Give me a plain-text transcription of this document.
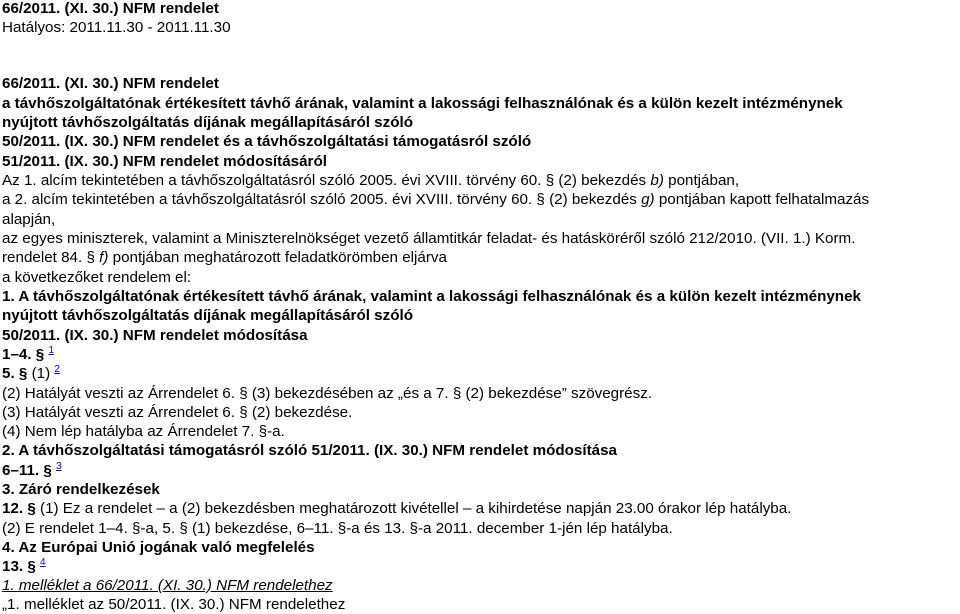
66/2011. (XI. 30.) NFM rendelet
Hatályos: 2011.11.30 - 2011.11.30
66/2011. (XI. 30.) NFM rendelet
a távhőszolgáltatónak értékesített távhő árának, valamint a lakossági felhasználónak és a külön kezelt intézménynek
nyújtott távhőszolgáltatás díjának megállapításáról szóló
50/2011. (IX. 30.) NFM rendelet és a távhőszolgáltatási támogatásról szóló
51/2011. (IX. 30.) NFM rendelet módosításáról
Az 1. alcím tekintetében a távhőszolgáltatásról szóló 2005. évi XVIII. törvény 60. § (2) bekezdés b) pontjában,
a 2. alcím tekintetében a távhőszolgáltatásról szóló 2005. évi XVIII. törvény 60. § (2) bekezdés g) pontjában kapott felhatalmazás
alapján,
az egyes miniszterek, valamint a Miniszterelnökséget vezető államtitkár feladat- és hatásköréről szóló 212/2010. (VII. 1.) Korm.
rendelet 84. § f) pontjában meghatározott feladatkörömben eljárva
a következőket rendelem el:
1. A távhőszolgáltatónak értékesített távhő árának, valamint a lakossági felhasználónak és a külön kezelt intézménynek
nyújtott távhőszolgáltatás díjának megállapításáról szóló
50/2011. (IX. 30.) NFM rendelet módosítása
1–4. § $^1$
5. § (1) $^2$
(2) Hatályát veszti az Árrendelet 6. § (3) bekezdésében az „és a 7. § (2) bekezdése” szövegrész.
(3) Hatályát veszti az Árrendelet 6. § (2) bekezdése.
(4) Nem lép hatályba az Árrendelet 7. §-a.
2. A távhőszolgáltatási támogatásról szóló 51/2011. (IX. 30.) NFM rendelet módosítása
6–11. § $^3$
3. Záró rendelkezések
12. § (1) Ez a rendelet – a (2) bekezdésben meghatározott kivétellel – a kihirdetése napján 23.00 órakor lép hatályba.
(2) E rendelet 1–4. §-a, 5. § (1) bekezdése, 6–11. §-a és 13. §-a 2011. december 1-jén lép hatályba.
4. Az Európai Unió jogának való megfelelés
13. § $^4$
1. melléklet a 66/2011. (XI. 30.) NFM rendelethez
„1. melléklet az 50/2011. (IX. 30.) NFM rendelethez
